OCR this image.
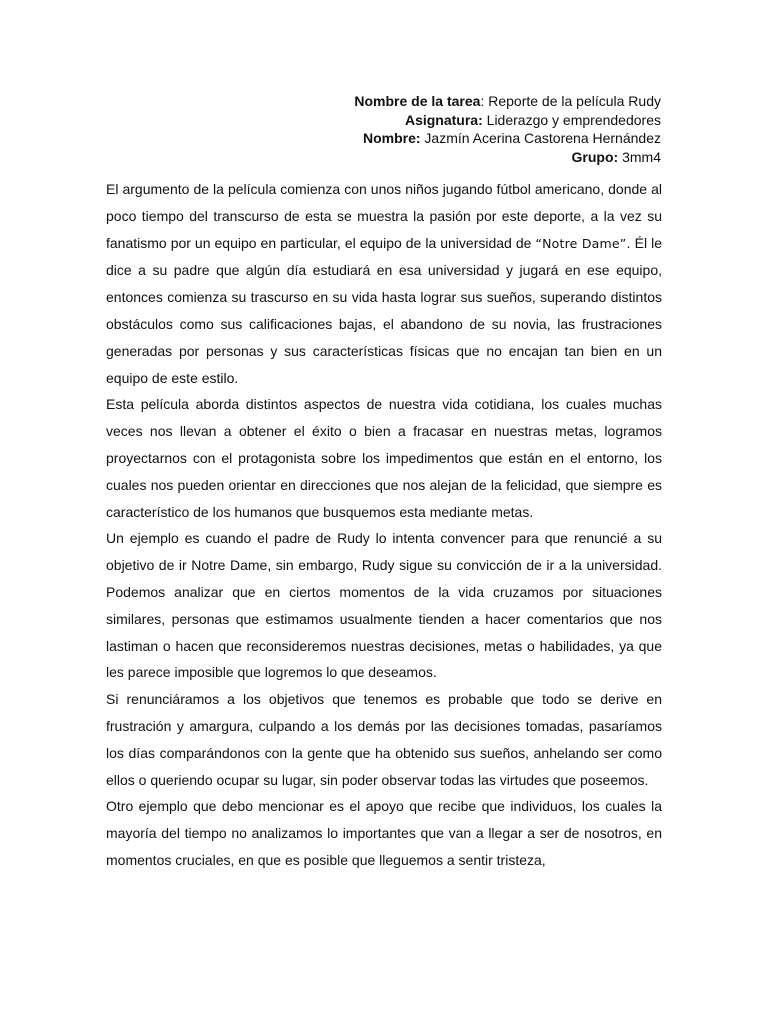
Nombre de la tarea: Reporte de la película Rudy
Asignatura: Liderazgo y emprendedores
Nombre: Jazmín Acerina Castorena Hernández
Grupo: 3mm4

El argumento de la película comienza con unos niños jugando fútbol americano, donde al poco tiempo del transcurso de esta se muestra la pasión por este deporte, a la vez su fanatismo por un equipo en particular, el equipo de la universidad de “Notre Dame”. Él le dice a su padre que algún día estudiará en esa universidad y jugará en ese equipo, entonces comienza su trascurso en su vida hasta lograr sus sueños, superando distintos obstáculos como sus calificaciones bajas, el abandono de su novia, las frustraciones generadas por personas y sus características físicas que no encajan tan bien en un equipo de este estilo.

Esta película aborda distintos aspectos de nuestra vida cotidiana, los cuales muchas veces nos llevan a obtener el éxito o bien a fracasar en nuestras metas, logramos proyectarnos con el protagonista sobre los impedimentos que están en el entorno, los cuales nos pueden orientar en direcciones que nos alejan de la felicidad, que siempre es característico de los humanos que busquemos esta mediante metas.

Un ejemplo es cuando el padre de Rudy lo intenta convencer para que renuncié a su objetivo de ir Notre Dame, sin embargo, Rudy sigue su convicción de ir a la universidad. Podemos analizar que en ciertos momentos de la vida cruzamos por situaciones similares, personas que estimamos usualmente tienden a hacer comentarios que nos lastiman o hacen que reconsideremos nuestras decisiones, metas o habilidades, ya que les parece imposible que logremos lo que deseamos.

Si renunciáramos a los objetivos que tenemos es probable que todo se derive en frustración y amargura, culpando a los demás por las decisiones tomadas, pasaríamos los días comparándonos con la gente que ha obtenido sus sueños, anhelando ser como ellos o queriendo ocupar su lugar, sin poder observar todas las virtudes que poseemos.

Otro ejemplo que debo mencionar es el apoyo que recibe que individuos, los cuales la mayoría del tiempo no analizamos lo importantes que van a llegar a ser de nosotros, en momentos cruciales, en que es posible que lleguemos a sentir tristeza,
